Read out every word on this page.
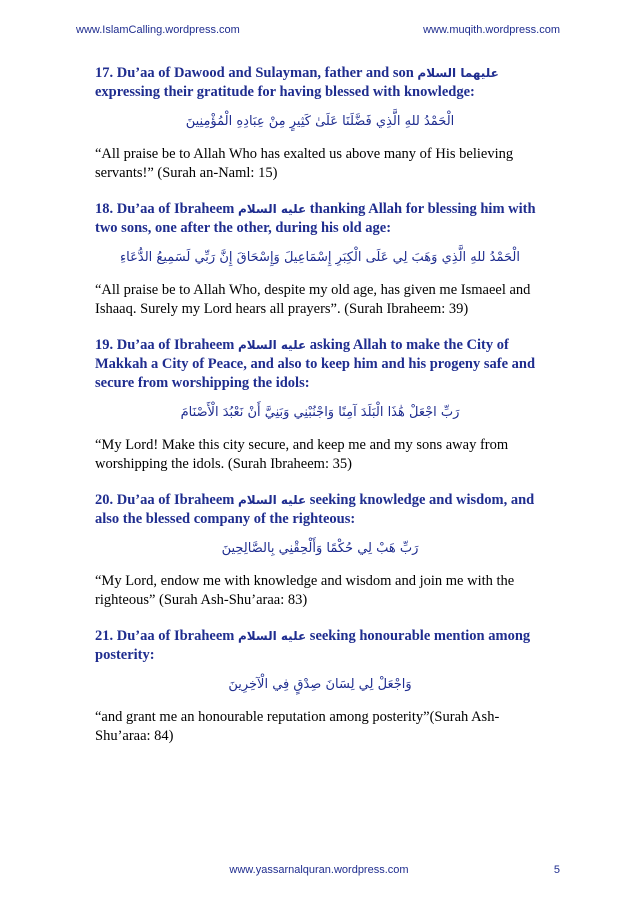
www.IslamCalling.wordpress.com	www.muqith.wordpress.com

17. Du’aa of Dawood and Sulayman, father and son عليهما السلام expressing their gratitude for having blessed with knowledge:

الْحَمْدُ للهِ الَّذِي فَضَّلَنَا عَلَىٰ كَثِيرٍ مِنْ عِبَادِهِ الْمُؤْمِنِينَ

“All praise be to Allah Who has exalted us above many of His believing servants!” (Surah an-Naml: 15)

18. Du’aa of Ibraheem عليه السلام thanking Allah for blessing him with two sons, one after the other, during his old age:

الْحَمْدُ للهِ الَّذِي وَهَبَ لِي عَلَى الْكِبَرِ إِسْمَاعِيلَ وَإِسْحَاقَ إِنَّ رَبِّي لَسَمِيعُ الدُّعَاءِ

“All praise be to Allah Who, despite my old age, has given me Ismaeel and Ishaaq. Surely my Lord hears all prayers”. (Surah Ibraheem: 39)

19. Du’aa of Ibraheem عليه السلام asking Allah to make the City of Makkah a City of Peace, and also to keep him and his progeny safe and secure from worshipping the idols:

رَبِّ اجْعَلْ هَٰذَا الْبَلَدَ آمِنًا وَاجْنُبْنِي وَبَنِيَّ أَنْ نَعْبُدَ الْأَصْنَامَ

“My Lord! Make this city secure, and keep me and my sons away from worshipping the idols. (Surah Ibraheem: 35)

20. Du’aa of Ibraheem عليه السلام seeking knowledge and wisdom, and also the blessed company of the righteous:

رَبِّ هَبْ لِي حُكْمًا وَأَلْحِقْنِي بِالصَّالِحِينَ

“My Lord, endow me with knowledge and wisdom and join me with the righteous” (Surah Ash-Shu’araa: 83)

21. Du’aa of Ibraheem عليه السلام seeking honourable mention among posterity:

وَاجْعَلْ لِي لِسَانَ صِدْقٍ فِي الْآخِرِينَ

“and grant me an honourable reputation among posterity”(Surah Ash-Shu’araa: 84)

www.yassarnalquran.wordpress.com	5
